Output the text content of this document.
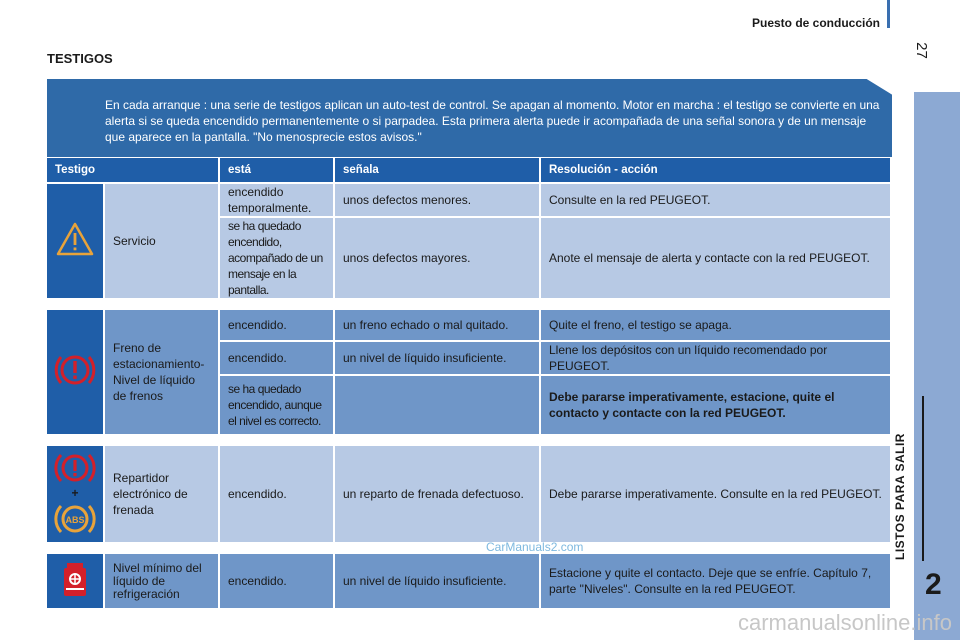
Puesto de conducción
27
LISTOS PARA SALIR
2
TESTIGOS
En cada arranque : una serie de testigos aplican un auto-test de control. Se apagan al momento. Motor en marcha : el testigo se convierte en una alerta si se queda encendido permanentemente o si parpadea. Esta primera alerta puede ir acompañada de una señal sonora y de un mensaje que aparece en la pantalla. "No menosprecie estos avisos."
Testigo		está	señala	Resolución - acción
	Servicio	encendido temporalmente.	unos defectos menores.	Consulte en la red PEUGEOT.
		se ha quedado encendido, acompañado de un mensaje en la pantalla.	unos defectos mayores.	Anote el mensaje de alerta y contacte con la red PEUGEOT.

	Freno de estacionamiento- Nivel de líquido de frenos	encendido.	un freno echado o mal quitado.	Quite el freno, el testigo se apaga.
		encendido.	un nivel de líquido insuficiente.	Llene los depósitos con un líquido recomendado por PEUGEOT.
		se ha quedado encendido, aunque el nivel es correcto.		Debe pararse imperativamente, estacione, quite el contacto y contacte con la red PEUGEOT.

+
ABS	Repartidor electrónico de frenada	encendido.	un reparto de frenada defectuoso.	Debe pararse imperativamente. Consulte en la red PEUGEOT.

	Nivel mínimo del líquido de refrigeración	encendido.	un nivel de líquido insuficiente.	Estacione y quite el contacto. Deje que se enfríe. Capítulo 7, parte "Niveles". Consulte en la red PEUGEOT.
CarManuals2.com
carmanualsonline.info
